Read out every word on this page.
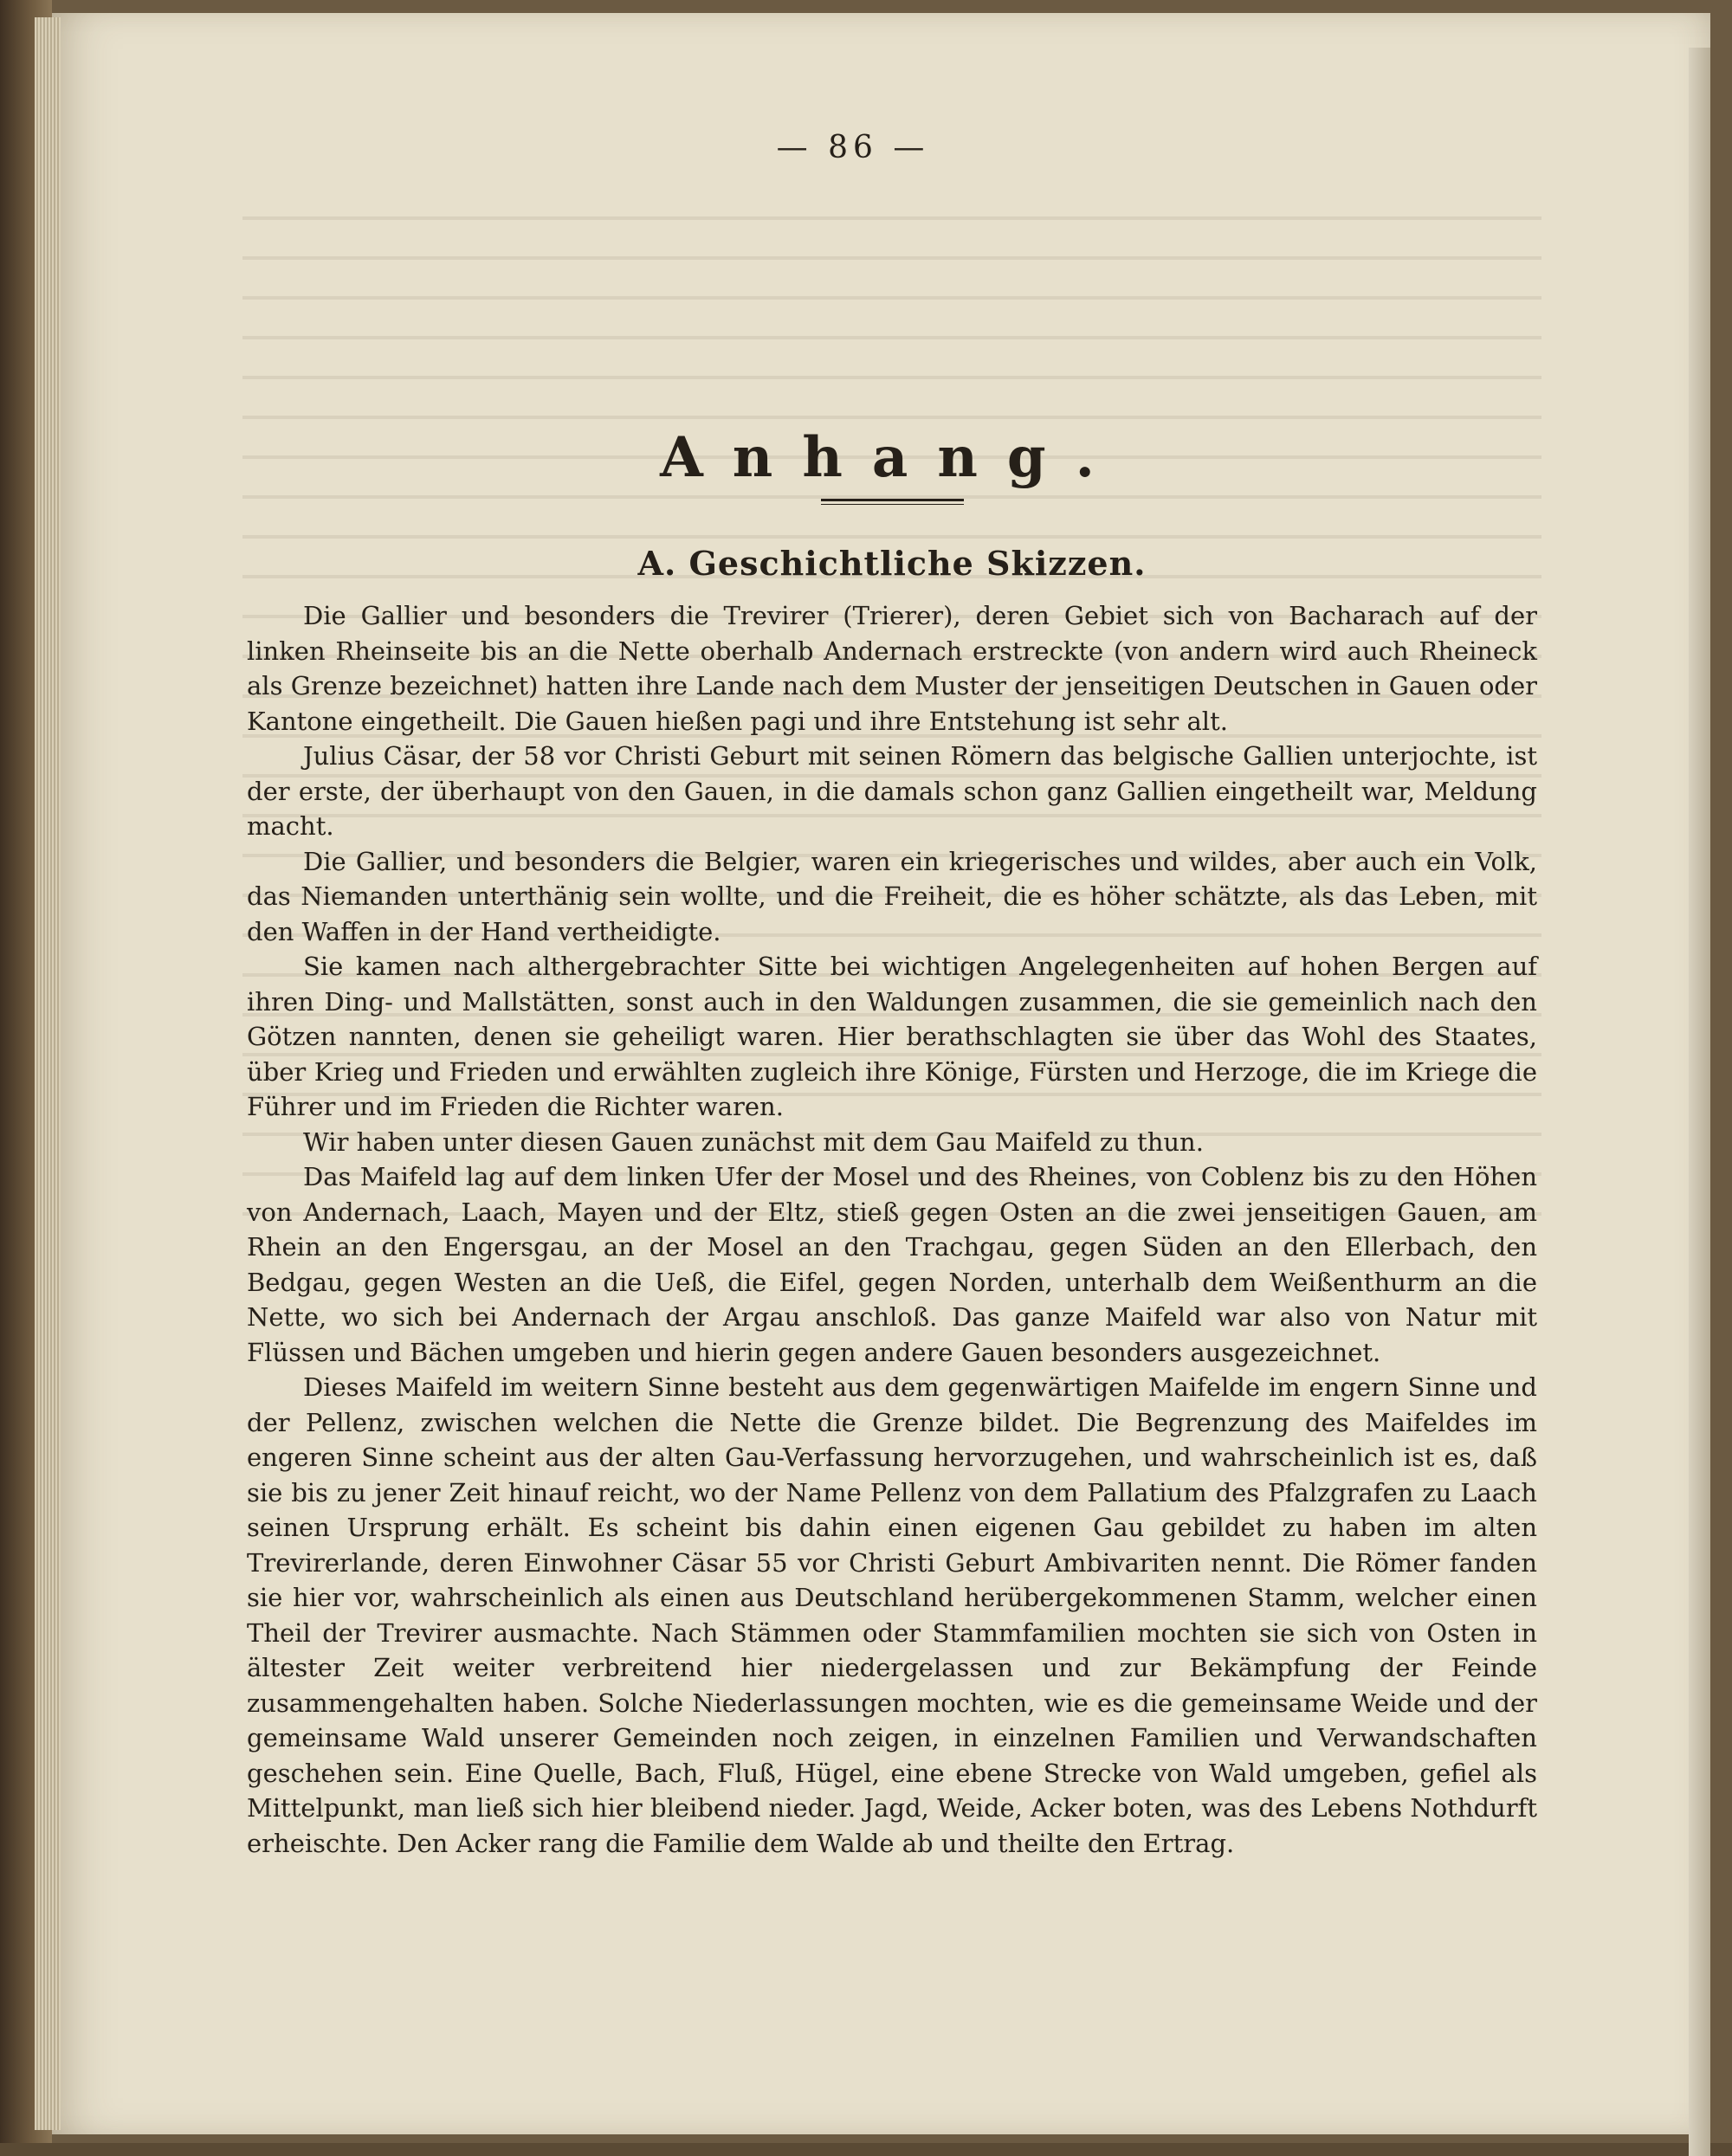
— 86 —
Anhang.
A. Geschichtliche Skizzen.

Die Gallier und besonders die Trevirer (Trierer), deren Gebiet sich von Bacharach auf der linken Rheinseite bis an die Nette oberhalb Andernach erstreckte (von andern wird auch Rheineck als Grenze bezeichnet) hatten ihre Lande nach dem Muster der jenseitigen Deutschen in Gauen oder Kantone eingetheilt. Die Gauen hießen pagi und ihre Entstehung ist sehr alt.

Julius Cäsar, der 58 vor Christi Geburt mit seinen Römern das belgische Gallien unterjochte, ist der erste, der überhaupt von den Gauen, in die damals schon ganz Gallien eingetheilt war, Meldung macht.

Die Gallier, und besonders die Belgier, waren ein kriegerisches und wildes, aber auch ein Volk, das Niemanden unterthänig sein wollte, und die Freiheit, die es höher schätzte, als das Leben, mit den Waffen in der Hand vertheidigte.

Sie kamen nach althergebrachter Sitte bei wichtigen Angelegenheiten auf hohen Bergen auf ihren Ding- und Mallstätten, sonst auch in den Waldungen zusammen, die sie gemeinlich nach den Götzen nannten, denen sie geheiligt waren. Hier berathschlagten sie über das Wohl des Staates, über Krieg und Frieden und erwählten zugleich ihre Könige, Fürsten und Herzoge, die im Kriege die Führer und im Frieden die Richter waren.

Wir haben unter diesen Gauen zunächst mit dem Gau Maifeld zu thun.

Das Maifeld lag auf dem linken Ufer der Mosel und des Rheines, von Coblenz bis zu den Höhen von Andernach, Laach, Mayen und der Eltz, stieß gegen Osten an die zwei jenseitigen Gauen, am Rhein an den Engersgau, an der Mosel an den Trachgau, gegen Süden an den Ellerbach, den Bedgau, gegen Westen an die Ueß, die Eifel, gegen Norden, unterhalb dem Weißenthurm an die Nette, wo sich bei Andernach der Argau anschloß. Das ganze Maifeld war also von Natur mit Flüssen und Bächen umgeben und hierin gegen andere Gauen besonders ausgezeichnet.

Dieses Maifeld im weitern Sinne besteht aus dem gegenwärtigen Maifelde im engern Sinne und der Pellenz, zwischen welchen die Nette die Grenze bildet. Die Begrenzung des Maifeldes im engeren Sinne scheint aus der alten Gau-Verfassung hervorzugehen, und wahrscheinlich ist es, daß sie bis zu jener Zeit hinauf reicht, wo der Name Pellenz von dem Pallatium des Pfalzgrafen zu Laach seinen Ursprung erhält. Es scheint bis dahin einen eigenen Gau gebildet zu haben im alten Trevirerlande, deren Einwohner Cäsar 55 vor Christi Geburt Ambivariten nennt. Die Römer fanden sie hier vor, wahrscheinlich als einen aus Deutschland herübergekommenen Stamm, welcher einen Theil der Trevirer ausmachte. Nach Stämmen oder Stammfamilien mochten sie sich von Osten in ältester Zeit weiter verbreitend hier niedergelassen und zur Bekämpfung der Feinde zusammengehalten haben. Solche Niederlassungen mochten, wie es die gemeinsame Weide und der gemeinsame Wald unserer Gemeinden noch zeigen, in einzelnen Familien und Verwandschaften geschehen sein. Eine Quelle, Bach, Fluß, Hügel, eine ebene Strecke von Wald umgeben, gefiel als Mittelpunkt, man ließ sich hier bleibend nieder. Jagd, Weide, Acker boten, was des Lebens Nothdurft erheischte. Den Acker rang die Familie dem Walde ab und theilte den Ertrag.
